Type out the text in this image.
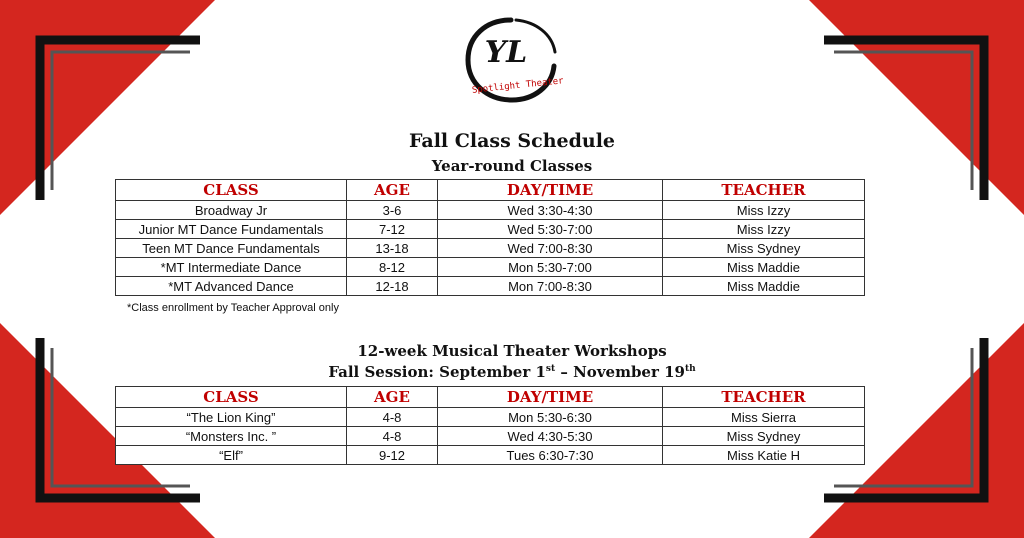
YL
Spotlight Theater
Fall Class Schedule
Year-round Classes
CLASS	AGE	DAY/TIME	TEACHER
Broadway Jr	3-6	Wed 3:30-4:30	Miss Izzy
Junior MT Dance Fundamentals	7-12	Wed 5:30-7:00	Miss Izzy
Teen MT Dance Fundamentals	13-18	Wed 7:00-8:30	Miss Sydney
*MT Intermediate Dance	8-12	Mon 5:30-7:00	Miss Maddie
*MT Advanced Dance	12-18	Mon 7:00-8:30	Miss Maddie

*Class enrollment by Teacher Approval only

12-week Musical Theater Workshops
Fall Session: September 1st – November 19th
CLASS	AGE	DAY/TIME	TEACHER
“The Lion King”	4-8	Mon 5:30-6:30	Miss Sierra
“Monsters Inc. ”	4-8	Wed 4:30-5:30	Miss Sydney
“Elf”	9-12	Tues 6:30-7:30	Miss Katie H
